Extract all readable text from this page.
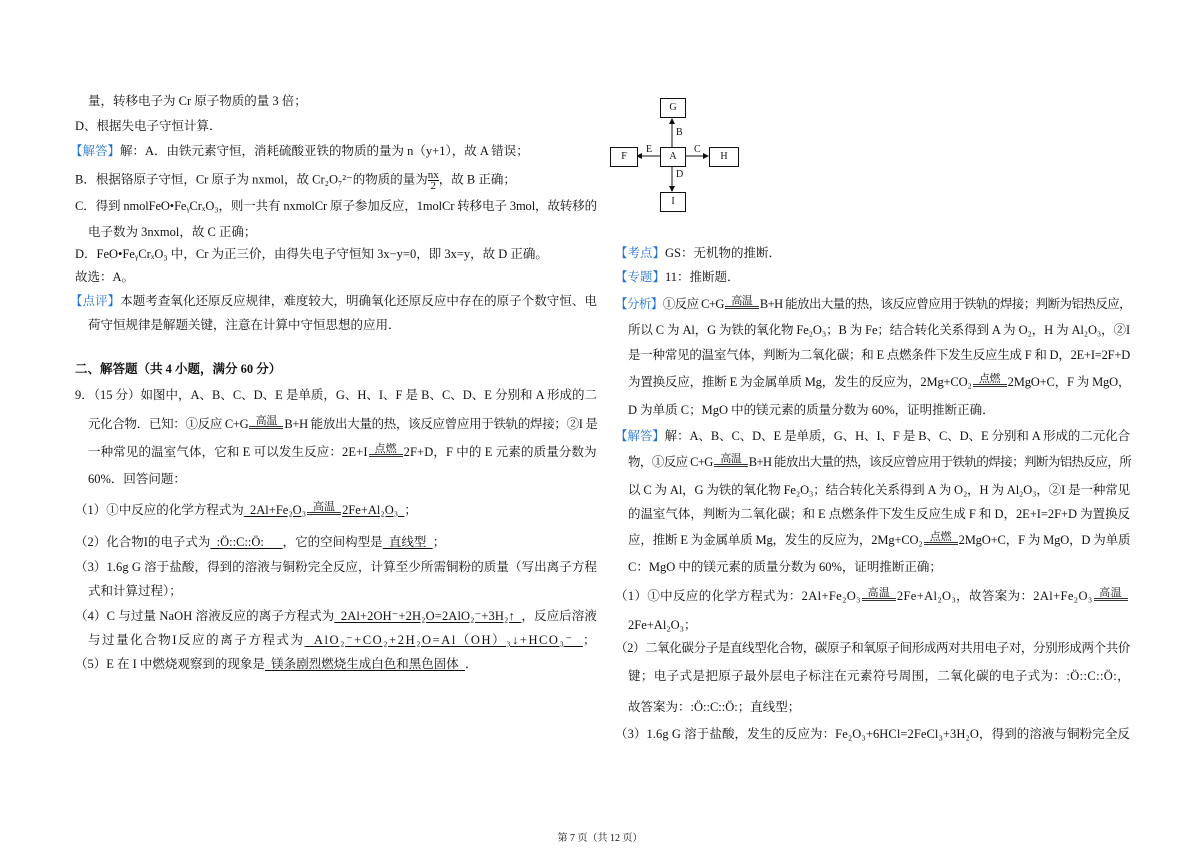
量，转移电子为 Cr 原子物质的量 3 倍；
D、根据失电子守恒计算．
【解答】解：A．由铁元素守恒，消耗硫酸亚铁的物质的量为 n（y+1），故 A 错误；
B．根据铬原子守恒，Cr 原子为 nxmol，故 Cr₂O₇²⁻的物质的量为 $\frac{nx}{2}$ ，故 B 正确；
C．得到 nmolFeO•FeᵧCrₓO₃，则一共有 nxmolCr 原子参加反应，1molCr 转移电子 3mol，故转移的
电子数为 3nxmol，故 C 正确；
D．FeO•FeᵧCrₓO₃ 中，Cr 为正三价，由得失电子守恒知 3x−y=0，即 3x=y，故 D 正确。
故选：A。
【点评】本题考查氧化还原反应规律，难度较大，明确氧化还原反应中存在的原子个数守恒、电
荷守恒规律是解题关键，注意在计算中守恒思想的应用．
二、解答题（共 4 小题，满分 60 分）
9．（15 分）如图中，A、B、C、D、E 是单质，G、H、I、F 是 B、C、D、E 分别和 A 形成的二
元化合物．已知：①反应 C+G 高温 B+H 能放出大量的热，该反应曾应用于铁轨的焊接；②I 是
一种常见的温室气体，它和 E 可以发生反应：2E+I 点燃 2F+D，F 中的 E 元素的质量分数为
60%．回答问题：
（1）①中反应的化学方程式为  2Al+Fe₂O₃ 高温 2Fe+Al₂O₃  ；
（2）化合物I的电子式为  :Ö::C::Ö:      ，它的空间构型是  直线型  ；
（3）1.6g G 溶于盐酸，得到的溶液与铜粉完全反应，计算至少所需铜粉的质量（写出离子方程
式和计算过程）；
（4）C 与过量 NaOH 溶液反应的离子方程式为  2Al+2OH⁻+2H₂O=2AlO₂⁻+3H₂↑  ，反应后溶液
与过量化合物I反应的离子方程式为  AlO₂⁻+CO₂+2H₂O=Al（OH）₃↓+HCO₃⁻  ；
（5）E 在 I 中燃烧观察到的现象是  镁条剧烈燃烧生成白色和黑色固体  ．
【考点】GS：无机物的推断．
【专题】11：推断题．
【分析】①反应 C+G 高温 B+H 能放出大量的热，该反应曾应用于铁轨的焊接；判断为铝热反应，
所以 C 为 Al，G 为铁的氧化物 Fe₂O₃；B 为 Fe；结合转化关系得到 A 为 O₂，H 为 Al₂O₃，②I
是一种常见的温室气体，判断为二氧化碳；和 E 点燃条件下发生反应生成 F 和 D，2E+I=2F+D
为置换反应，推断 E 为金属单质 Mg，发生的反应为，2Mg+CO₂ 点燃 2MgO+C，F 为 MgO，
D 为单质 C；MgO 中的镁元素的质量分数为 60%，证明推断正确．
【解答】解：A、B、C、D、E 是单质，G、H、I、F 是 B、C、D、E 分别和 A 形成的二元化合
物，①反应 C+G 高温 B+H 能放出大量的热，该反应曾应用于铁轨的焊接；判断为铝热反应，所
以 C 为 Al，G 为铁的氧化物 Fe₂O₃；结合转化关系得到 A 为 O₂，H 为 Al₂O₃，②I 是一种常见
的温室气体，判断为二氧化碳；和 E 点燃条件下发生反应生成 F 和 D，2E+I=2F+D 为置换反
应，推断 E 为金属单质 Mg，发生的反应为，2Mg+CO₂ 点燃 2MgO+C，F 为 MgO，D 为单质
C：MgO 中的镁元素的质量分数为 60%，证明推断正确；
（1）①中反应的化学方程式为：2Al+Fe₂O₃ 高温 2Fe+Al₂O₃，故答案为：2Al+Fe₂O₃ 高温
2Fe+Al₂O₃；
（2）二氧化碳分子是直线型化合物，碳原子和氧原子间形成两对共用电子对，分别形成两个共价
键；电子式是把原子最外层电子标注在元素符号周围，二氧化碳的电子式为：:Ö::C::Ö:，
故答案为：:Ö::C::Ö:；直线型；
（3）1.6g G 溶于盐酸，发生的反应为：Fe₂O₃+6HCl=2FeCl₃+3H₂O，得到的溶液与铜粉完全反
G
A
F	H
I
B
E	C
D
第 7 页（共 12 页）
